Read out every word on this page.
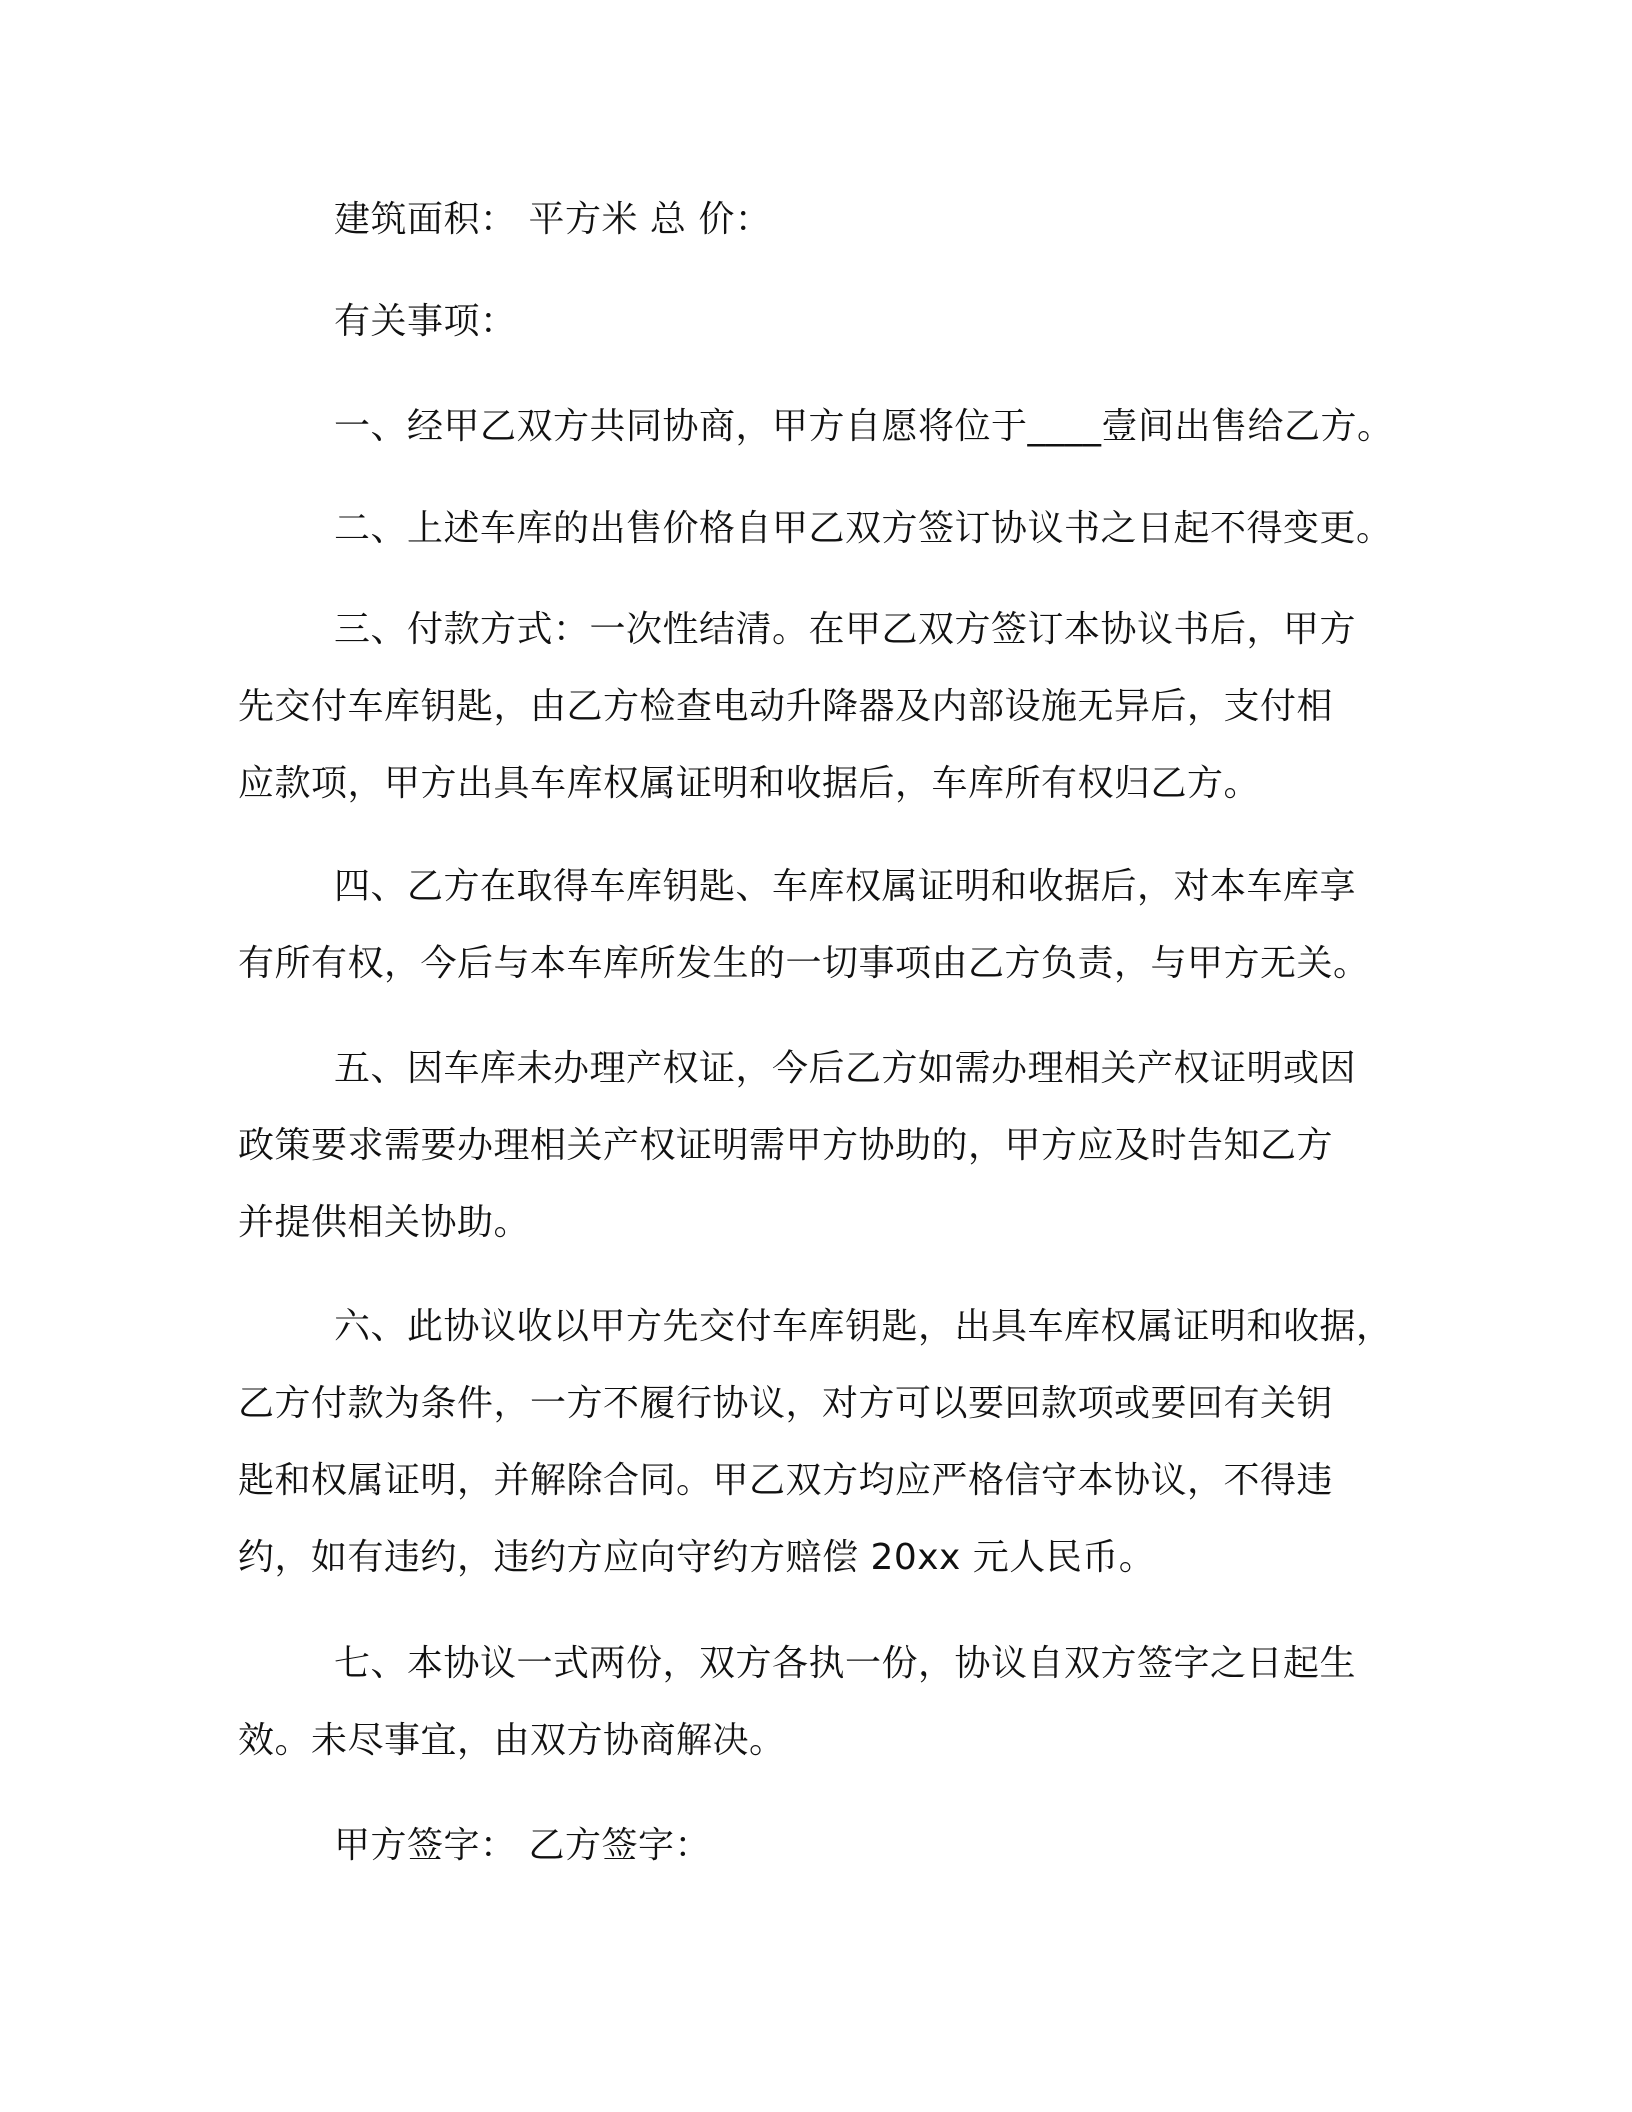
建筑面积： 平方米 总 价：
有关事项：
一、经甲乙双方共同协商，甲方自愿将位于____壹间出售给乙方。
二、上述车库的出售价格自甲乙双方签订协议书之日起不得变更。
三、付款方式：一次性结清。在甲乙双方签订本协议书后，甲方
先交付车库钥匙，由乙方检查电动升降器及内部设施无异后，支付相
应款项，甲方出具车库权属证明和收据后，车库所有权归乙方。
四、乙方在取得车库钥匙、车库权属证明和收据后，对本车库享
有所有权，今后与本车库所发生的一切事项由乙方负责，与甲方无关。
五、因车库未办理产权证，今后乙方如需办理相关产权证明或因
政策要求需要办理相关产权证明需甲方协助的，甲方应及时告知乙方
并提供相关协助。
六、此协议收以甲方先交付车库钥匙，出具车库权属证明和收据，
乙方付款为条件，一方不履行协议，对方可以要回款项或要回有关钥
匙和权属证明，并解除合同。甲乙双方均应严格信守本协议，不得违
约，如有违约，违约方应向守约方赔偿 20xx 元人民币。
七、本协议一式两份，双方各执一份，协议自双方签字之日起生
效。未尽事宜，由双方协商解决。
甲方签字： 乙方签字：
